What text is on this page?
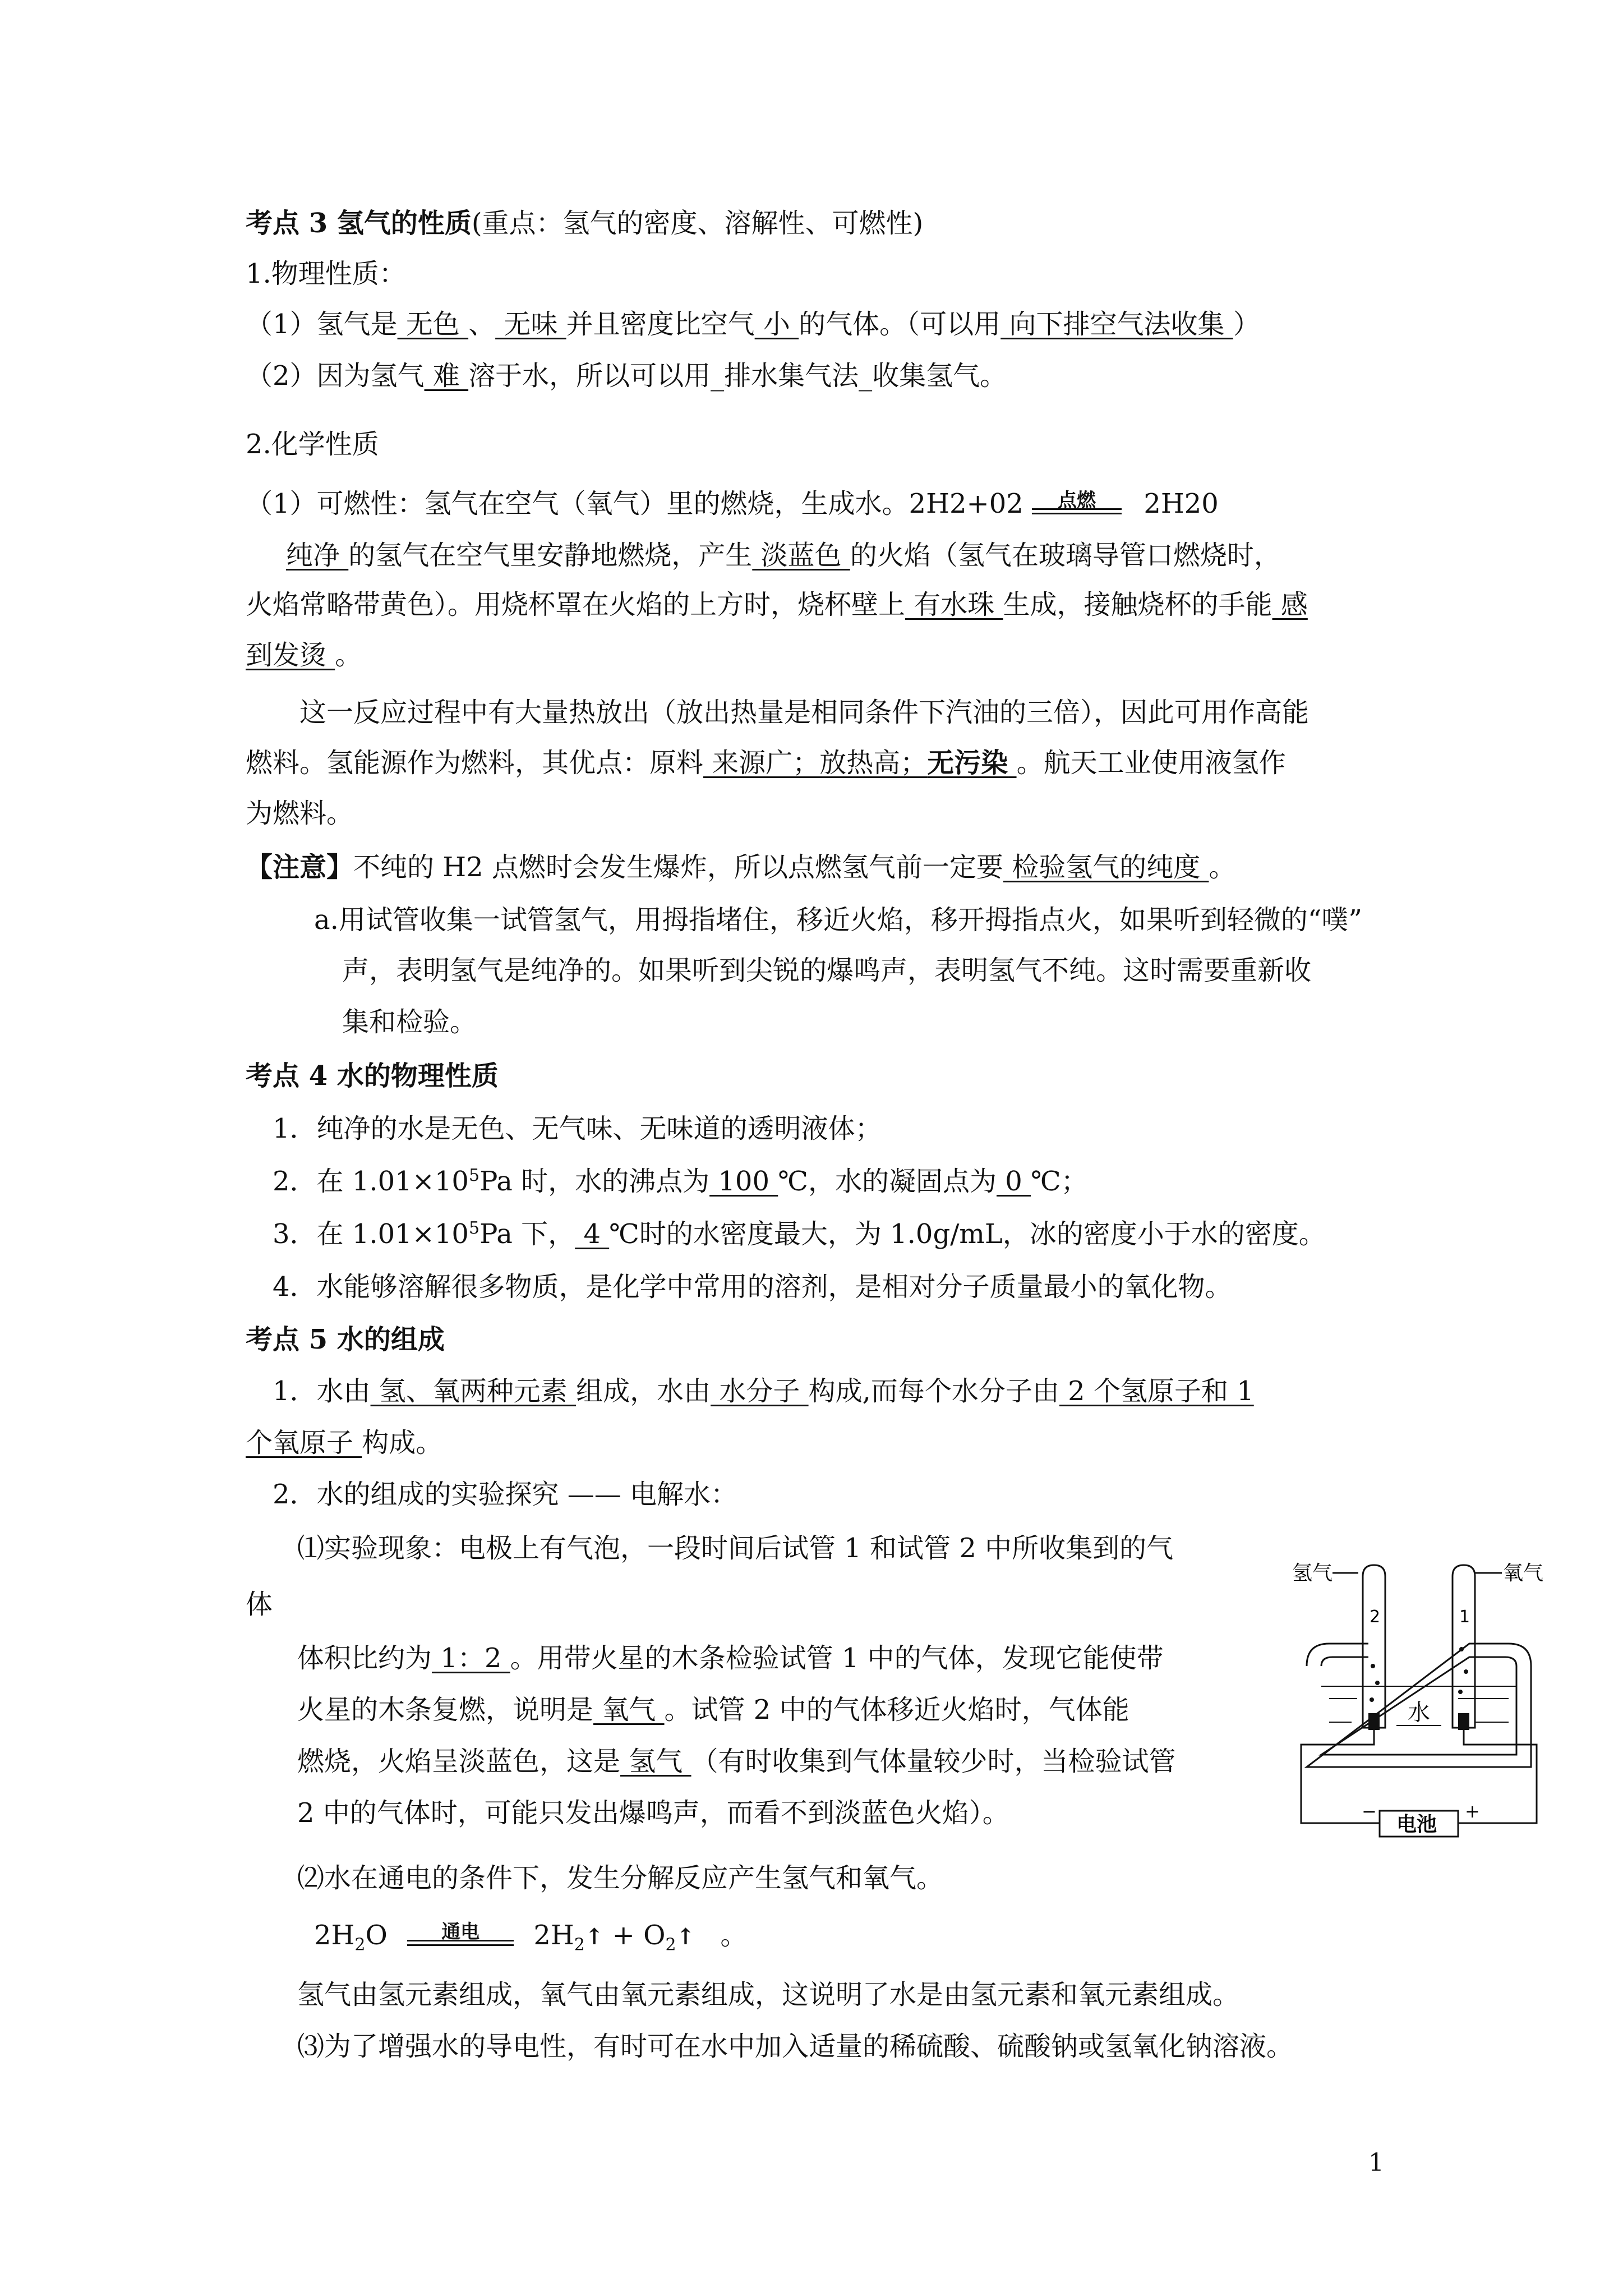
考点 3 氢气的性质(重点：氢气的密度、溶解性、可燃性)
1.物理性质：
（1）氢气是 无色 、 无味 并且密度比空气 小 的气体。（可以用 向下排空气法收集 ）
（2）因为氢气 难 溶于水，所以可以用_排水集气法_收集氢气。
2.化学性质
（1）可燃性：氢气在空气（氧气）里的燃烧，生成水。2H2+02	点燃	2H20
纯净 的氢气在空气里安静地燃烧，产生 淡蓝色 的火焰（氢气在玻璃导管口燃烧时，
火焰常略带黄色）。用烧杯罩在火焰的上方时，烧杯壁上 有水珠 生成，接触烧杯的手能 感
到发烫 。
这一反应过程中有大量热放出（放出热量是相同条件下汽油的三倍），因此可用作高能
燃料。氢能源作为燃料，其优点：原料 来源广；放热高；无污染 。航天工业使用液氢作
为燃料。
【注意】不纯的 H2 点燃时会发生爆炸，所以点燃氢气前一定要 检验氢气的纯度 。
a.用试管收集一试管氢气，用拇指堵住，移近火焰，移开拇指点火，如果听到轻微的“噗”
声，表明氢气是纯净的。如果听到尖锐的爆鸣声，表明氢气不纯。这时需要重新收
集和检验。
考点 4 水的物理性质
1．纯净的水是无色、无气味、无味道的透明液体；
2．在 $1.01\times 10^5Pa$ 时，水的沸点为 100 ℃，水的凝固点为 0 ℃；
3．在 $1.01\times 10^5Pa$ 下， 4 ℃时的水密度最大，为 1.0g/mL，冰的密度小于水的密度。
4．水能够溶解很多物质，是化学中常用的溶剂，是相对分子质量最小的氧化物。
考点 5 水的组成
1．水由 氢、氧两种元素 组成，水由 水分子 构成,而每个水分子由 2 个氢原子和 1
个氧原子 构成。
2．水的组成的实验探究 —— 电解水：
⑴实验现象：电极上有气泡，一段时间后试管 1 和试管 2 中所收集到的气
体
体积比约为 1：2 。用带火星的木条检验试管 1 中的气体，发现它能使带
火星的木条复燃，说明是 氧气 。试管 2 中的气体移近火焰时，气体能
燃烧，火焰呈淡蓝色，这是 氢气 （有时收集到气体量较少时，当检验试管
2 中的气体时，可能只发出爆鸣声，而看不到淡蓝色火焰）。
⑵水在通电的条件下，发生分解反应产生氢气和氧气。
$2H_2O$	通电	$2H_2↑$ + $O_2↑$ 。
氢气由氢元素组成，氧气由氧元素组成，这说明了水是由氢元素和氧元素组成。
⑶为了增强水的导电性，有时可在水中加入适量的稀硫酸、硫酸钠或氢氧化钠溶液。
氢气	氧气
2	1
水
电池
−	+
1
